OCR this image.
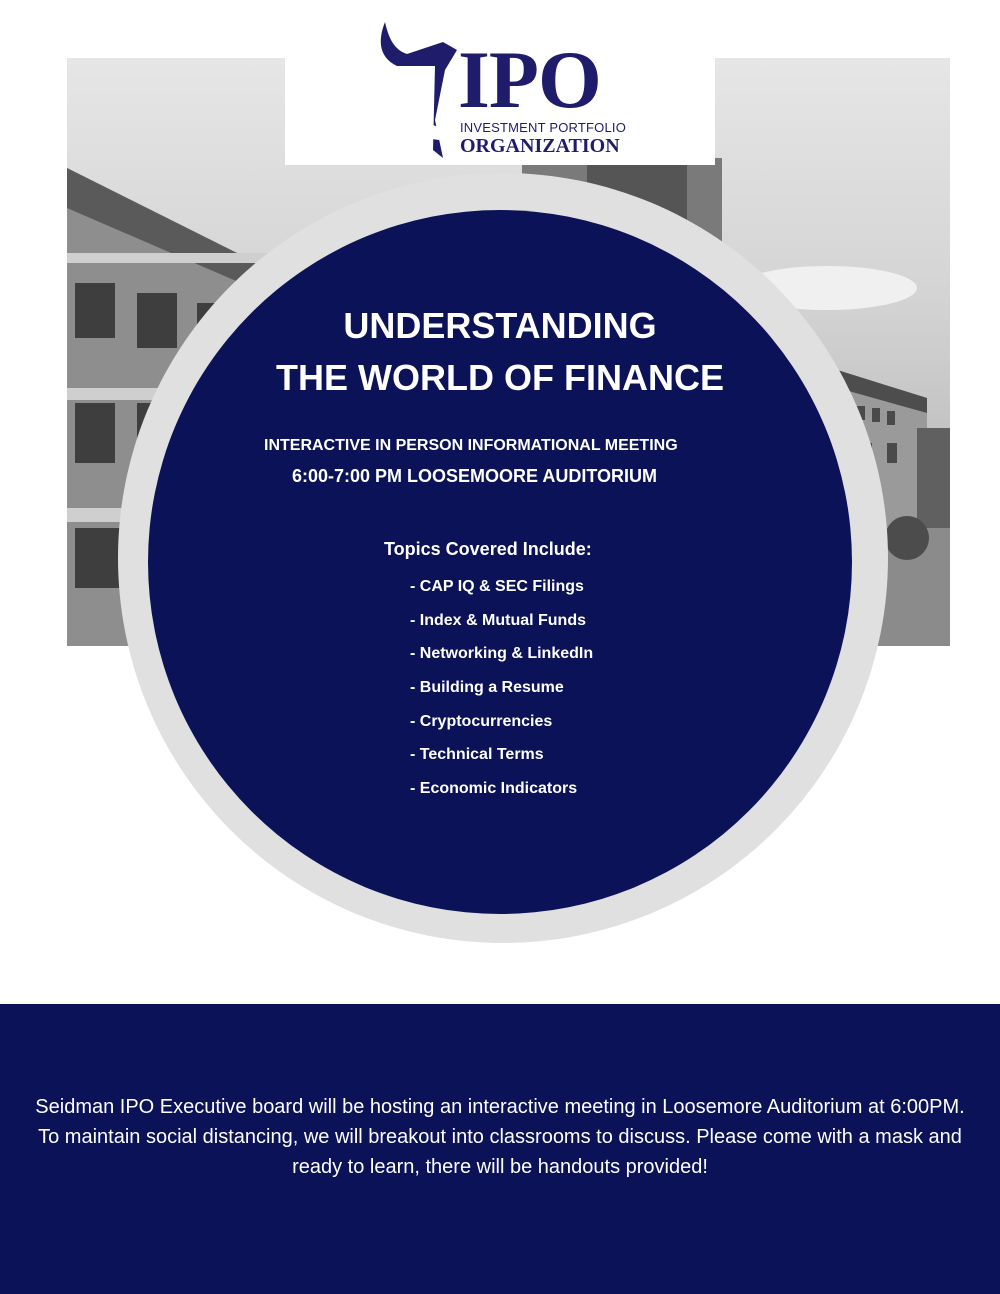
IPO
INVESTMENT PORTFOLIO
ORGANIZATION
UNDERSTANDING
THE WORLD OF FINANCE
INTERACTIVE IN PERSON INFORMATIONAL MEETING
6:00-7:00 PM LOOSEMOORE AUDITORIUM
Topics Covered Include:
- CAP IQ & SEC Filings
- Index & Mutual Funds
- Networking & LinkedIn
- Building a Resume
- Cryptocurrencies
- Technical Terms
- Economic Indicators

Seidman IPO Executive board will be hosting an interactive meeting in Loosemore Auditorium at 6:00PM. To maintain social distancing, we will breakout into classrooms to discuss. Please come with a mask and ready to learn, there will be handouts provided!
